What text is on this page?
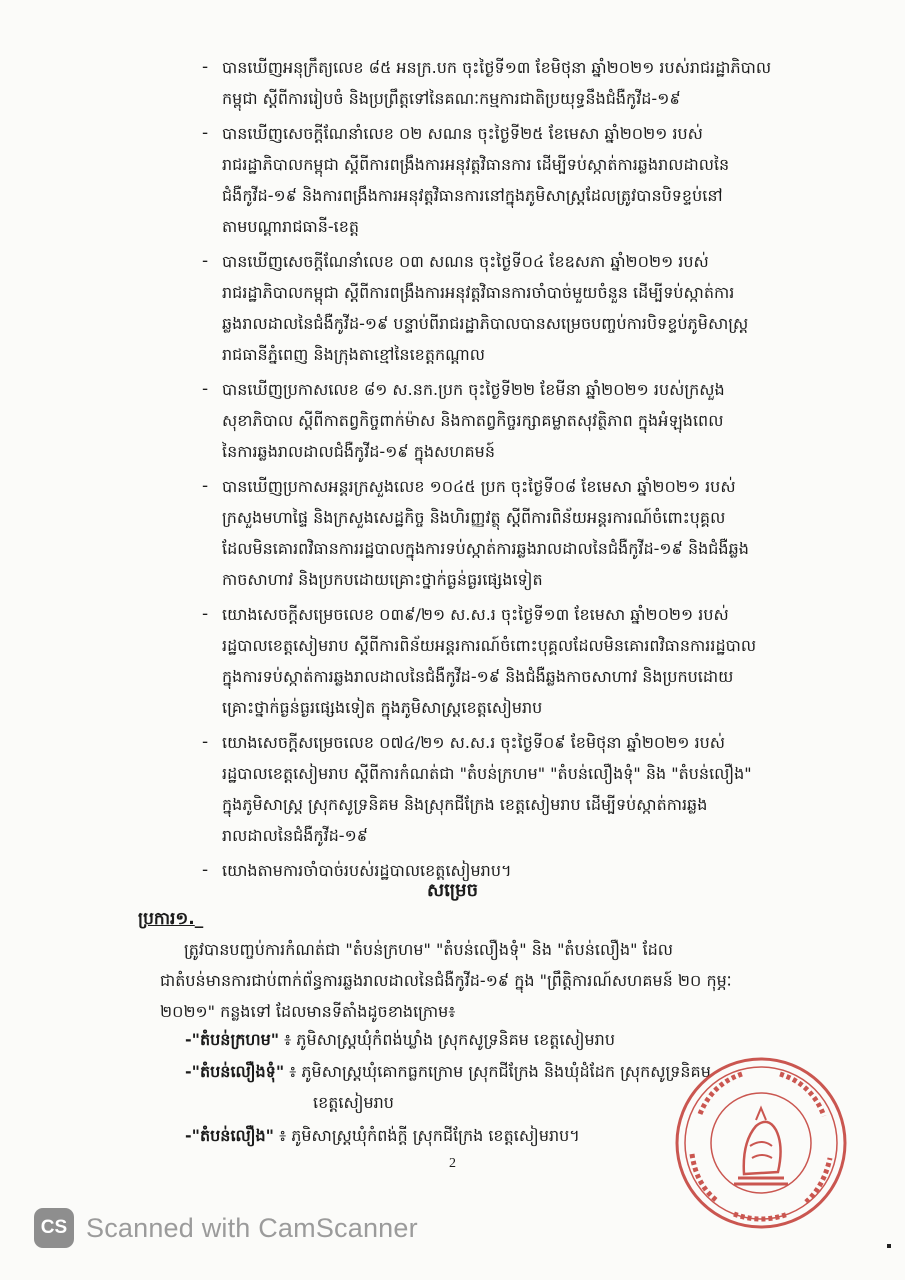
- បានឃើញអនុក្រឹត្យលេខ ៨៥ អនក្រ.បក ចុះថ្ងៃទី១៣ ខែមិថុនា ឆ្នាំ២០២១ របស់រាជរដ្ឋាភិបាល
កម្ពុជា ស្តីពីការរៀបចំ និងប្រព្រឹត្តទៅនៃគណៈកម្មការជាតិប្រយុទ្ធនឹងជំងឺកូវីដ-១៩
- បានឃើញសេចក្តីណែនាំលេខ ០២ សណន ចុះថ្ងៃទី២៥ ខែមេសា ឆ្នាំ២០២១ របស់
រាជរដ្ឋាភិបាលកម្ពុជា ស្តីពីការពង្រឹងការអនុវត្តវិធានការ ដើម្បីទប់ស្កាត់ការឆ្លងរាលដាលនៃ
ជំងឺកូវីដ-១៩ និងការពង្រឹងការអនុវត្តវិធានការនៅក្នុងភូមិសាស្ត្រដែលត្រូវបានបិទខ្ទប់នៅ
តាមបណ្តារាជធានី-ខេត្ត
- បានឃើញសេចក្តីណែនាំលេខ ០៣ សណន ចុះថ្ងៃទី០៤ ខែឧសភា ឆ្នាំ២០២១ របស់
រាជរដ្ឋាភិបាលកម្ពុជា ស្តីពីការពង្រឹងការអនុវត្តវិធានការចាំបាច់មួយចំនួន ដើម្បីទប់ស្កាត់ការ
ឆ្លងរាលដាលនៃជំងឺកូវីដ-១៩ បន្ទាប់ពីរាជរដ្ឋាភិបាលបានសម្រេចបញ្ចប់ការបិទខ្ទប់ភូមិសាស្ត្រ
រាជធានីភ្នំពេញ និងក្រុងតាខ្មៅនៃខេត្តកណ្តាល
- បានឃើញប្រកាសលេខ ៨១ ស.នក.ប្រក ចុះថ្ងៃទី២២ ខែមីនា ឆ្នាំ២០២១ របស់ក្រសួង
សុខាភិបាល ស្តីពីកាតព្វកិច្ចពាក់ម៉ាស និងកាតព្វកិច្ចរក្សាគម្លាតសុវត្ថិភាព ក្នុងអំឡុងពេល
នៃការឆ្លងរាលដាលជំងឺកូវីដ-១៩ ក្នុងសហគមន៍
- បានឃើញប្រកាសអន្តរក្រសួងលេខ ១០៤៥ ប្រក ចុះថ្ងៃទី០៨ ខែមេសា ឆ្នាំ២០២១ របស់
ក្រសួងមហាផ្ទៃ និងក្រសួងសេដ្ឋកិច្ច និងហិរញ្ញវត្ថុ ស្តីពីការពិន័យអន្តរការណ៍ចំពោះបុគ្គល
ដែលមិនគោរពវិធានការរដ្ឋបាលក្នុងការទប់ស្កាត់ការឆ្លងរាលដាលនៃជំងឺកូវីដ-១៩ និងជំងឺឆ្លង
កាចសាហាវ និងប្រកបដោយគ្រោះថ្នាក់ធ្ងន់ធ្ងរផ្សេងទៀត
- យោងសេចក្តីសម្រេចលេខ ០៣៩/២១ ស.ស.រ ចុះថ្ងៃទី១៣ ខែមេសា ឆ្នាំ២០២១ របស់
រដ្ឋបាលខេត្តសៀមរាប ស្តីពីការពិន័យអន្តរការណ៍ចំពោះបុគ្គលដែលមិនគោរពវិធានការរដ្ឋបាល
ក្នុងការទប់ស្កាត់ការឆ្លងរាលដាលនៃជំងឺកូវីដ-១៩ និងជំងឺឆ្លងកាចសាហាវ និងប្រកបដោយ
គ្រោះថ្នាក់ធ្ងន់ធ្ងរផ្សេងទៀត ក្នុងភូមិសាស្ត្រខេត្តសៀមរាប
- យោងសេចក្តីសម្រេចលេខ ០៧៤/២១ ស.ស.រ ចុះថ្ងៃទី០៩ ខែមិថុនា ឆ្នាំ២០២១ របស់
រដ្ឋបាលខេត្តសៀមរាប ស្តីពីការកំណត់ជា "តំបន់ក្រហម" "តំបន់លឿងទុំ" និង "តំបន់លឿង"
ក្នុងភូមិសាស្ត្រ ស្រុកសូទ្រនិគម និងស្រុកជីក្រែង ខេត្តសៀមរាប ដើម្បីទប់ស្កាត់ការឆ្លង
រាលដាលនៃជំងឺកូវីដ-១៩
- យោងតាមការចាំបាច់របស់រដ្ឋបាលខេត្តសៀមរាប។
សម្រេច
ប្រការ១._
ត្រូវបានបញ្ចប់ការកំណត់ជា "តំបន់ក្រហម" "តំបន់លឿងទុំ" និង "តំបន់លឿង" ដែល
ជាតំបន់មានការជាប់ពាក់ព័ន្ធការឆ្លងរាលដាលនៃជំងឺកូវីដ-១៩ ក្នុង "ព្រឹត្តិការណ៍សហគមន៍ ២០ កុម្ភៈ
២០២១" កន្លងទៅ ដែលមានទីតាំងដូចខាងក្រោម៖
-"តំបន់ក្រហម" ៖ ភូមិសាស្ត្រឃុំកំពង់ឃ្លាំង ស្រុកសូទ្រនិគម ខេត្តសៀមរាប
-"តំបន់លឿងទុំ" ៖ ភូមិសាស្ត្រឃុំគោកធ្លកក្រោម ស្រុកជីក្រែង និងឃុំដំដែក ស្រុកសូទ្រនិគម
ខេត្តសៀមរាប
-"តំបន់លឿង" ៖ ភូមិសាស្ត្រឃុំកំពង់ក្តី ស្រុកជីក្រែង ខេត្តសៀមរាប។
2
CS Scanned with CamScanner
